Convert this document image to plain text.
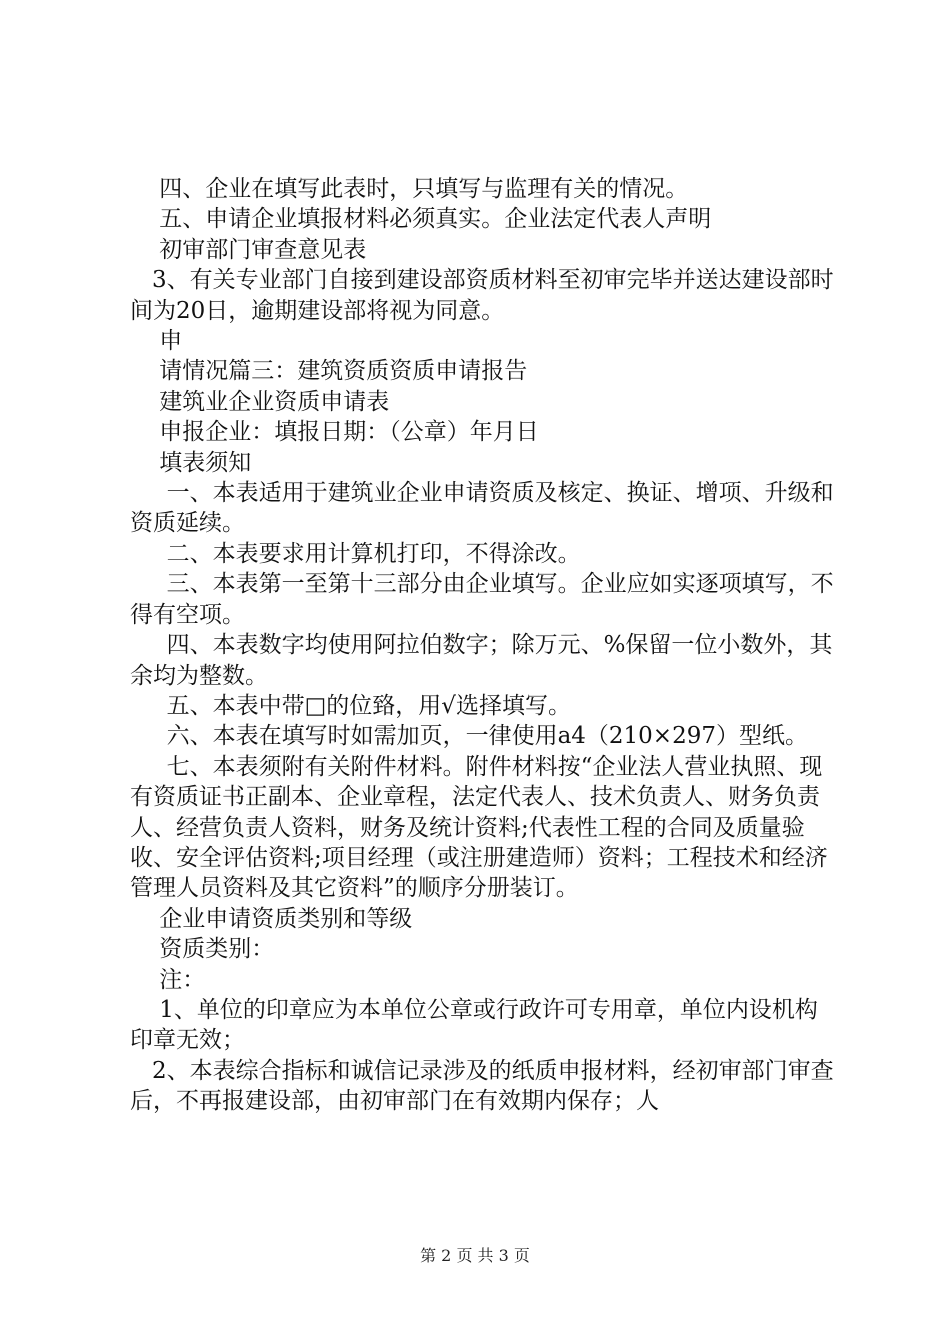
四、企业在填写此表时，只填写与监理有关的情况。

五、申请企业填报材料必须真实。企业法定代表人声明

初审部门审查意见表

3、有关专业部门自接到建设部资质材料至初审完毕并送达建设部时间为20日，逾期建设部将视为同意。

申

请情况篇三：建筑资质资质申请报告

建筑业企业资质申请表

申报企业：填报日期：（公章）年月日

填表须知

一、本表适用于建筑业企业申请资质及核定、换证、增项、升级和资质延续。

二、本表要求用计算机打印，不得涂改。

三、本表第一至第十三部分由企业填写。企业应如实逐项填写，不得有空项。

四、本表数字均使用阿拉伯数字；除万元、%保留一位小数外，其余均为整数。

五、本表中带□的位臵，用√选择填写。

六、本表在填写时如需加页，一律使用a4（210×297）型纸。

七、本表须附有关附件材料。附件材料按“企业法人营业执照、现有资质证书正副本、企业章程，法定代表人、技术负责人、财务负责人、经营负责人资料，财务及统计资料;代表性工程的合同及质量验收、安全评估资料;项目经理（或注册建造师）资料；工程技术和经济管理人员资料及其它资料”的顺序分册装订。

企业申请资质类别和等级

资质类别：

注：

1、单位的印章应为本单位公章或行政许可专用章，单位内设机构印章无效；

2、本表综合指标和诚信记录涉及的纸质申报材料，经初审部门审查后，不再报建设部，由初审部门在有效期内保存；人

第 2 页 共 3 页
